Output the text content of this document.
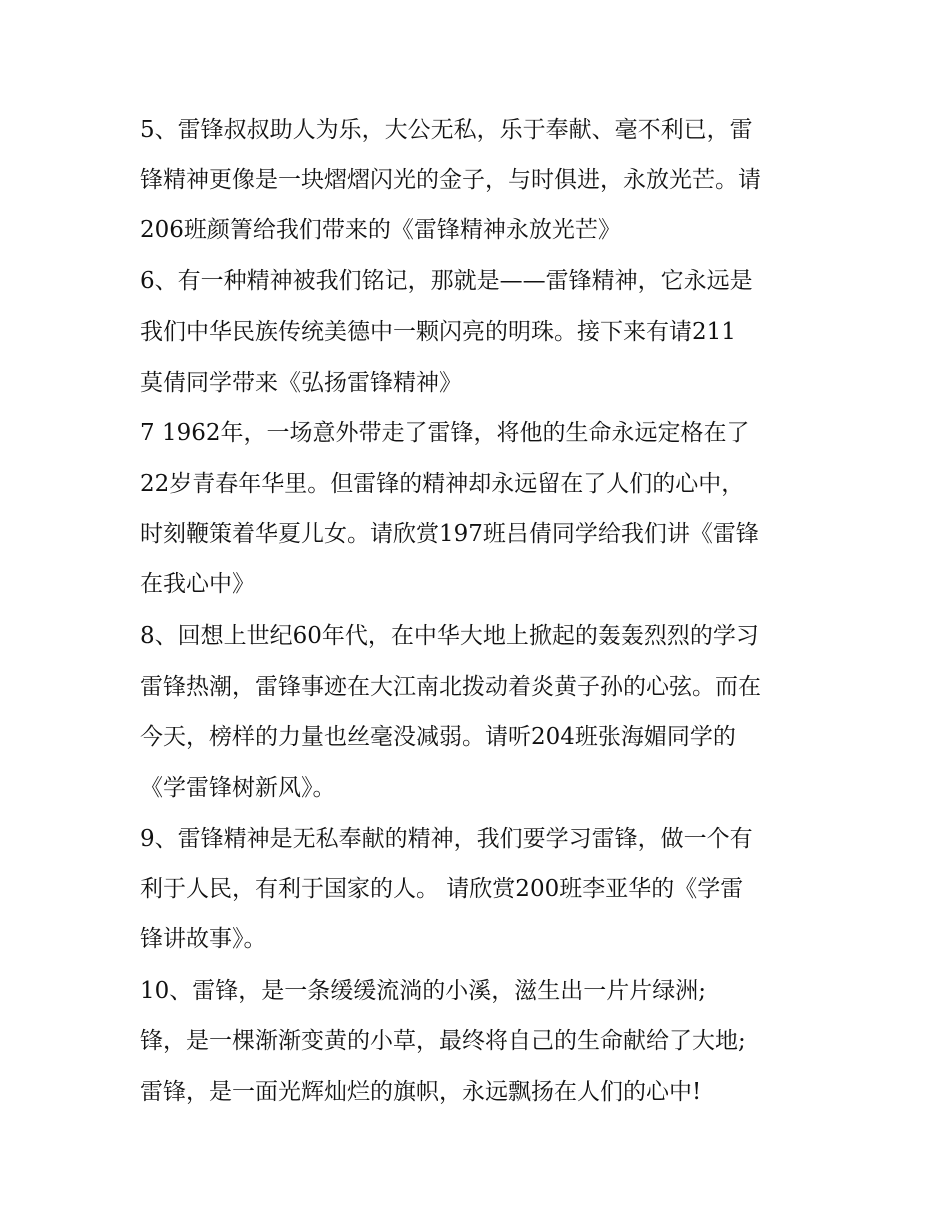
5、雷锋叔叔助人为乐，大公无私，乐于奉献、毫不利已，雷
锋精神更像是一块熠熠闪光的金子，与时俱进，永放光芒。请
206班颜箐给我们带来的《雷锋精神永放光芒》
6、有一种精神被我们铭记，那就是——雷锋精神，它永远是
我们中华民族传统美德中一颗闪亮的明珠。接下来有请211
莫倩同学带来《弘扬雷锋精神》
7 1962年，一场意外带走了雷锋，将他的生命永远定格在了
22岁青春年华里。但雷锋的精神却永远留在了人们的心中，
时刻鞭策着华夏儿女。请欣赏197班吕倩同学给我们讲《雷锋
在我心中》
8、回想上世纪60年代，在中华大地上掀起的轰轰烈烈的学习
雷锋热潮，雷锋事迹在大江南北拨动着炎黄子孙的心弦。而在
今天，榜样的力量也丝毫没减弱。请听204班张海媚同学的
《学雷锋树新风》。
9、雷锋精神是无私奉献的精神，我们要学习雷锋，做一个有
利于人民，有利于国家的人。 请欣赏200班李亚华的《学雷
锋讲故事》。
10、雷锋，是一条缓缓流淌的小溪，滋生出一片片绿洲;
锋，是一棵渐渐变黄的小草，最终将自己的生命献给了大地;
雷锋，是一面光辉灿烂的旗帜，永远飘扬在人们的心中!
